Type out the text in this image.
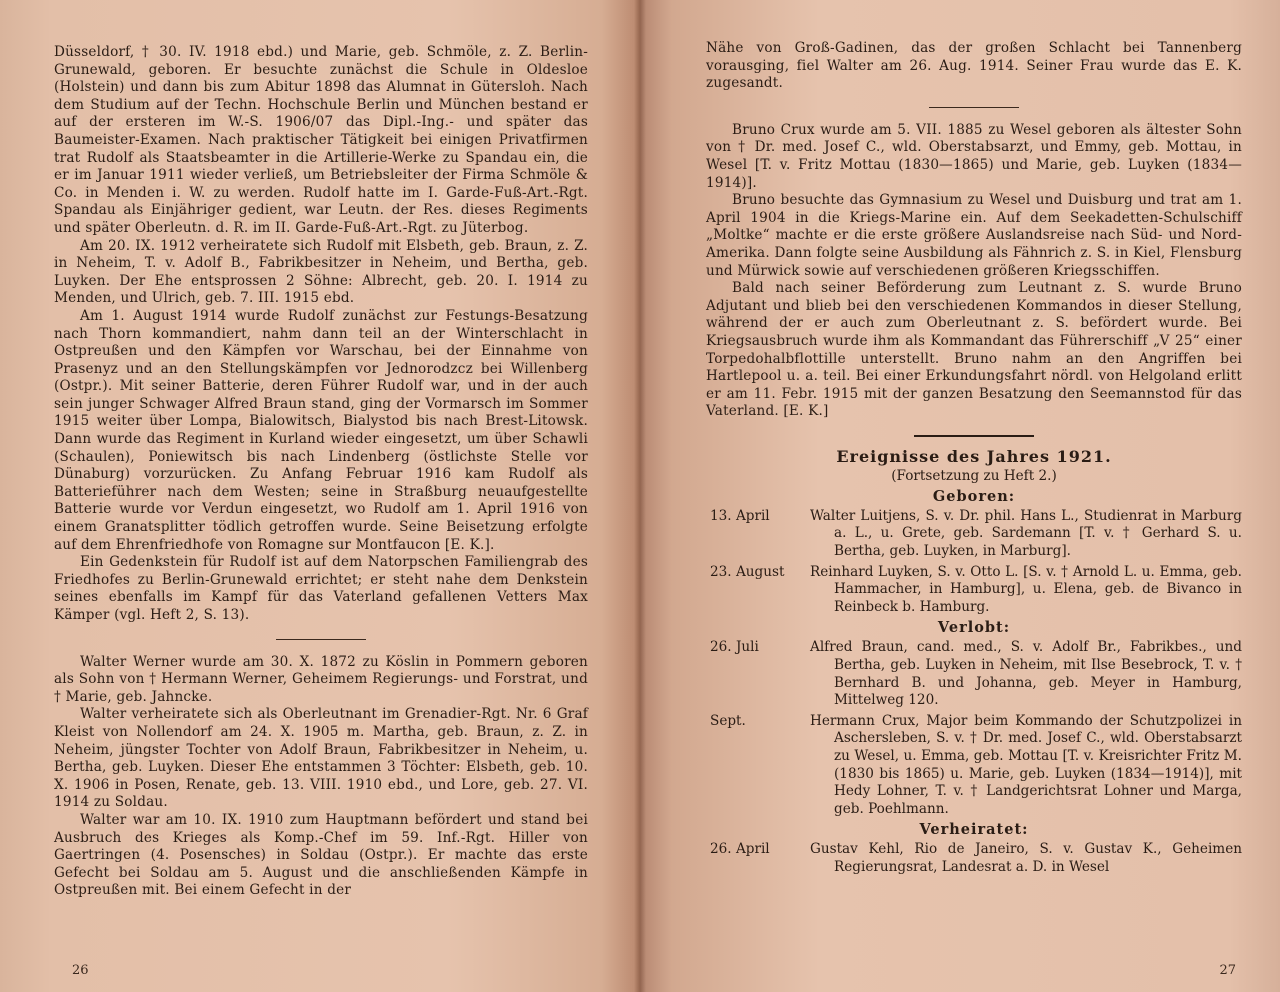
Düsseldorf, † 30. IV. 1918 ebd.) und Marie, geb. Schmöle, z. Z. Berlin-Grunewald, geboren. Er besuchte zunächst die Schule in Oldesloe (Holstein) und dann bis zum Abitur 1898 das Alumnat in Gütersloh. Nach dem Studium auf der Techn. Hochschule Berlin und München bestand er auf der ersteren im W.-S. 1906/07 das Dipl.-Ing.- und später das Baumeister-Examen. Nach praktischer Tätigkeit bei einigen Privatfirmen trat Rudolf als Staatsbeamter in die Artillerie-Werke zu Spandau ein, die er im Januar 1911 wieder verließ, um Betriebsleiter der Firma Schmöle & Co. in Menden i. W. zu werden. Rudolf hatte im I. Garde-Fuß-Art.-Rgt. Spandau als Einjähriger gedient, war Leutn. der Res. dieses Regiments und später Oberleutn. d. R. im II. Garde-Fuß-Art.-Rgt. zu Jüterbog.

Am 20. IX. 1912 verheiratete sich Rudolf mit Elsbeth, geb. Braun, z. Z. in Neheim, T. v. Adolf B., Fabrikbesitzer in Neheim, und Bertha, geb. Luyken. Der Ehe entsprossen 2 Söhne: Albrecht, geb. 20. I. 1914 zu Menden, und Ulrich, geb. 7. III. 1915 ebd.

Am 1. August 1914 wurde Rudolf zunächst zur Festungs-Besatzung nach Thorn kommandiert, nahm dann teil an der Winterschlacht in Ostpreußen und den Kämpfen vor Warschau, bei der Einnahme von Prasenyz und an den Stellungskämpfen vor Jednorodzcz bei Willenberg (Ostpr.). Mit seiner Batterie, deren Führer Rudolf war, und in der auch sein junger Schwager Alfred Braun stand, ging der Vormarsch im Sommer 1915 weiter über Lompa, Bialowitsch, Bialystod bis nach Brest-Litowsk. Dann wurde das Regiment in Kurland wieder eingesetzt, um über Schawli (Schaulen), Poniewitsch bis nach Lindenberg (östlichste Stelle vor Dünaburg) vorzurücken. Zu Anfang Februar 1916 kam Rudolf als Batterieführer nach dem Westen; seine in Straßburg neuaufgestellte Batterie wurde vor Verdun eingesetzt, wo Rudolf am 1. April 1916 von einem Granatsplitter tödlich getroffen wurde. Seine Beisetzung erfolgte auf dem Ehrenfriedhofe von Romagne sur Montfaucon [E. K.].

Ein Gedenkstein für Rudolf ist auf dem Natorpschen Familiengrab des Friedhofes zu Berlin-Grunewald errichtet; er steht nahe dem Denkstein seines ebenfalls im Kampf für das Vaterland gefallenen Vetters Max Kämper (vgl. Heft 2, S. 13).

Walter Werner wurde am 30. X. 1872 zu Köslin in Pommern geboren als Sohn von † Hermann Werner, Geheimem Regierungs- und Forstrat, und † Marie, geb. Jahncke.

Walter verheiratete sich als Oberleutnant im Grenadier-Rgt. Nr. 6 Graf Kleist von Nollendorf am 24. X. 1905 m. Martha, geb. Braun, z. Z. in Neheim, jüngster Tochter von Adolf Braun, Fabrikbesitzer in Neheim, u. Bertha, geb. Luyken. Dieser Ehe entstammen 3 Töchter: Elsbeth, geb. 10. X. 1906 in Posen, Renate, geb. 13. VIII. 1910 ebd., und Lore, geb. 27. VI. 1914 zu Soldau.

Walter war am 10. IX. 1910 zum Hauptmann befördert und stand bei Ausbruch des Krieges als Komp.-Chef im 59. Inf.-Rgt. Hiller von Gaertringen (4. Posensches) in Soldau (Ostpr.). Er machte das erste Gefecht bei Soldau am 5. August und die anschließenden Kämpfe in Ostpreußen mit. Bei einem Gefecht in der

26

Nähe von Groß-Gadinen, das der großen Schlacht bei Tannenberg vorausging, fiel Walter am 26. Aug. 1914. Seiner Frau wurde das E. K. zugesandt.

Bruno Crux wurde am 5. VII. 1885 zu Wesel geboren als ältester Sohn von † Dr. med. Josef C., wld. Oberstabsarzt, und Emmy, geb. Mottau, in Wesel [T. v. Fritz Mottau (1830—1865) und Marie, geb. Luyken (1834—1914)].

Bruno besuchte das Gymnasium zu Wesel und Duisburg und trat am 1. April 1904 in die Kriegs-Marine ein. Auf dem Seekadetten-Schulschiff „Moltke“ machte er die erste größere Auslandsreise nach Süd- und Nord-Amerika. Dann folgte seine Ausbildung als Fähnrich z. S. in Kiel, Flensburg und Mürwick sowie auf verschiedenen größeren Kriegsschiffen.

Bald nach seiner Beförderung zum Leutnant z. S. wurde Bruno Adjutant und blieb bei den verschiedenen Kommandos in dieser Stellung, während der er auch zum Oberleutnant z. S. befördert wurde. Bei Kriegsausbruch wurde ihm als Kommandant das Führerschiff „V 25“ einer Torpedohalbflottille unterstellt. Bruno nahm an den Angriffen bei Hartlepool u. a. teil. Bei einer Erkundungsfahrt nördl. von Helgoland erlitt er am 11. Febr. 1915 mit der ganzen Besatzung den Seemannstod für das Vaterland. [E. K.]

Ereignisse des Jahres 1921.
(Fortsetzung zu Heft 2.)
Geboren:
13. April	Walter Luitjens, S. v. Dr. phil. Hans L., Studienrat in Marburg a. L., u. Grete, geb. Sardemann [T. v. † Gerhard S. u. Bertha, geb. Luyken, in Marburg].
23. August	Reinhard Luyken, S. v. Otto L. [S. v. † Arnold L. u. Emma, geb. Hammacher, in Hamburg], u. Elena, geb. de Bivanco in Reinbeck b. Hamburg.
Verlobt:
26. Juli	Alfred Braun, cand. med., S. v. Adolf Br., Fabrikbes., und Bertha, geb. Luyken in Neheim, mit Ilse Besebrock, T. v. † Bernhard B. und Johanna, geb. Meyer in Hamburg, Mittelweg 120.
Sept.	Hermann Crux, Major beim Kommando der Schutzpolizei in Aschersleben, S. v. † Dr. med. Josef C., wld. Oberstabsarzt zu Wesel, u. Emma, geb. Mottau [T. v. Kreisrichter Fritz M. (1830 bis 1865) u. Marie, geb. Luyken (1834—1914)], mit Hedy Lohner, T. v. † Landgerichtsrat Lohner und Marga, geb. Poehlmann.
Verheiratet:
26. April	Gustav Kehl, Rio de Janeiro, S. v. Gustav K., Geheimen Regierungsrat, Landesrat a. D. in Wesel
27
